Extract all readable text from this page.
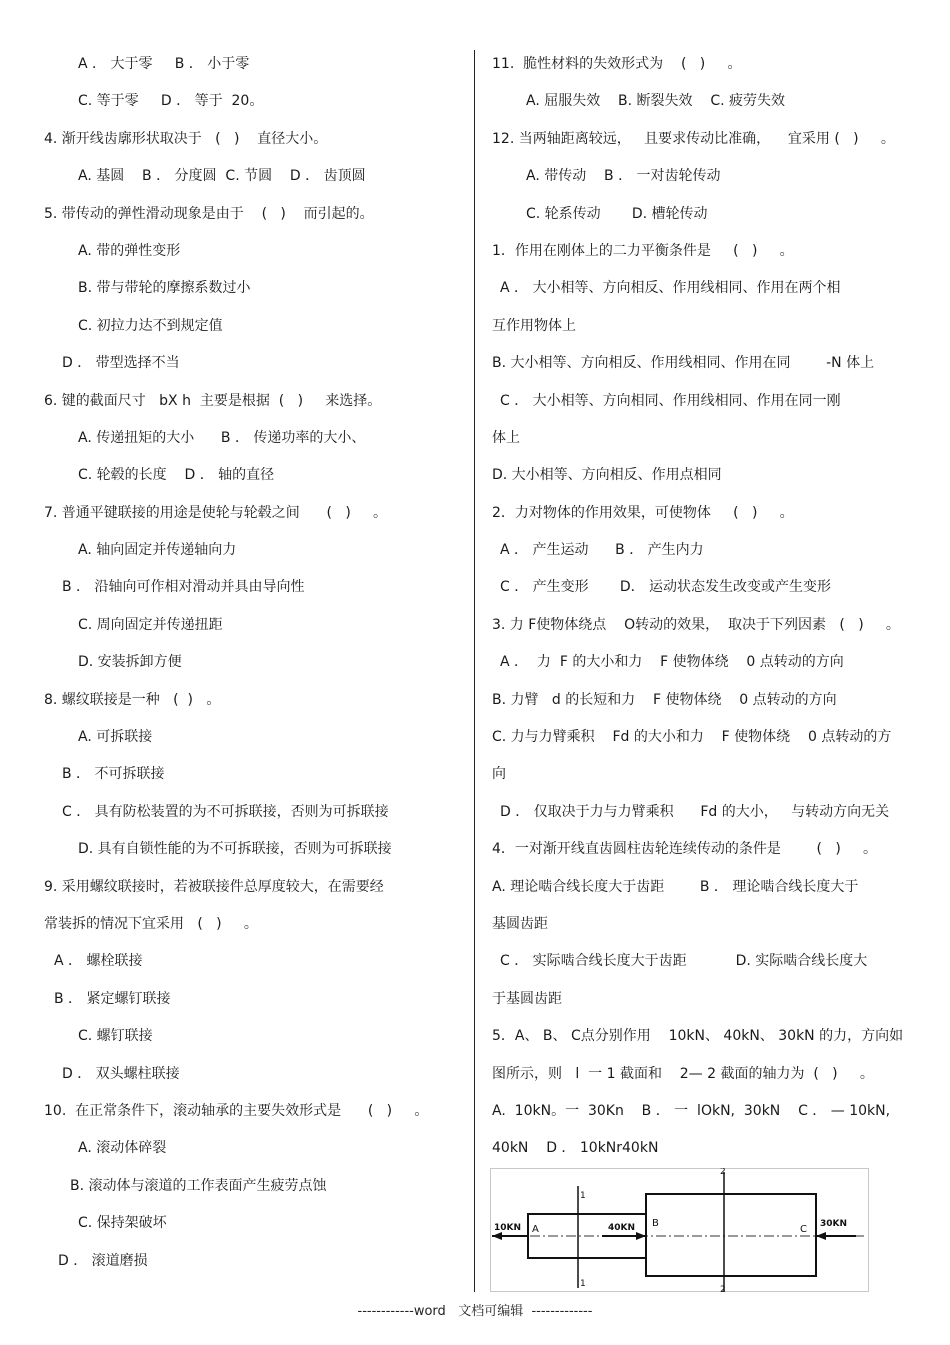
A ． 大于零     B ． 小于零
C. 等于零     D ． 等于  20。
4. 渐开线齿廓形状取决于   (   )    直径大小。
A. 基圆    B ． 分度圆  C. 节圆    D ． 齿顶圆
5. 带传动的弹性滑动现象是由于    (   )    而引起的。
A. 带的弹性变形
B. 带与带轮的摩擦系数过小
C. 初拉力达不到规定值
D ． 带型选择不当
6. 键的截面尺寸   bX h  主要是根据  (   )     来选择。
A. 传递扭矩的大小      B ． 传递功率的大小、
C. 轮毂的长度    D ． 轴的直径
7. 普通平键联接的用途是使轮与轮毂之间      (   )     。
A. 轴向固定并传递轴向力
B ． 沿轴向可作相对滑动并具由导向性
C. 周向固定并传递扭距
D. 安装拆卸方便
8. 螺纹联接是一种   (  )   。
A. 可拆联接
B ． 不可拆联接
C ． 具有防松装置的为不可拆联接，否则为可拆联接
D. 具有自锁性能的为不可拆联接，否则为可拆联接
9. 采用螺纹联接时，若被联接件总厚度较大，在需要经
常装拆的情况下宜采用   (   )     。
A ． 螺栓联接
B ． 紧定螺钉联接
C. 螺钉联接
D ． 双头螺柱联接
10.  在正常条件下，滚动轴承的主要失效形式是      (   )     。
A. 滚动体碎裂
B. 滚动体与滚道的工作表面产生疲劳点蚀
C. 保持架破坏
D ． 滚道磨损
11.  脆性材料的失效形式为    (   )     。
A. 屈服失效    B. 断裂失效    C. 疲劳失效
12. 当两轴距离较远，   且要求传动比准确，    宜采用 (   )     。
A. 带传动    B ． 一对齿轮传动
C. 轮系传动       D. 槽轮传动
1．作用在刚体上的二力平衡条件是     (   )     。
A ． 大小相等、方向相反、作用线相同、作用在两个相
互作用物体上
B. 大小相等、方向相反、作用线相同、作用在同        -N 体上
C ． 大小相等、方向相同、作用线相同、作用在同一刚
体上
D. 大小相等、方向相反、作用点相同
2．力对物体的作用效果，可使物体     (   )     。
A ． 产生运动      B ． 产生内力
C ． 产生变形       D． 运动状态发生改变或产生变形
3. 力 F使物体绕点    O转动的效果，  取决于下列因素   (   )     。
A ．  力  F 的大小和力    F 使物体绕    0 点转动的方向
B. 力臂   d 的长短和力    F 使物体绕    0 点转动的方向
C. 力与力臂乘积    Fd 的大小和力    F 使物体绕    0 点转动的方
向
D ． 仅取决于力与力臂乘积      Fd 的大小，   与转动方向无关
4．一对渐开线直齿圆柱齿轮连续传动的条件是        (   )     。
A. 理论啮合线长度大于齿距        B ． 理论啮合线长度大于
基圆齿距
C ． 实际啮合线长度大于齿距           D. 实际啮合线长度大
于基圆齿距
5．A、 B、 C点分别作用    10kN、 40kN、 30kN 的力，方向如
图所示，则   l  一 1 截面和    2— 2 截面的轴力为  (   )     。
A.  10kN。一  30Kn    B ． 一  lOkN,  30kN    C ． — 10kN,
40kN    D ． 10kNr40kN
1
1
2
2
10KN A	40KN B
C 30KN
------------word   文档可编辑  -------------
